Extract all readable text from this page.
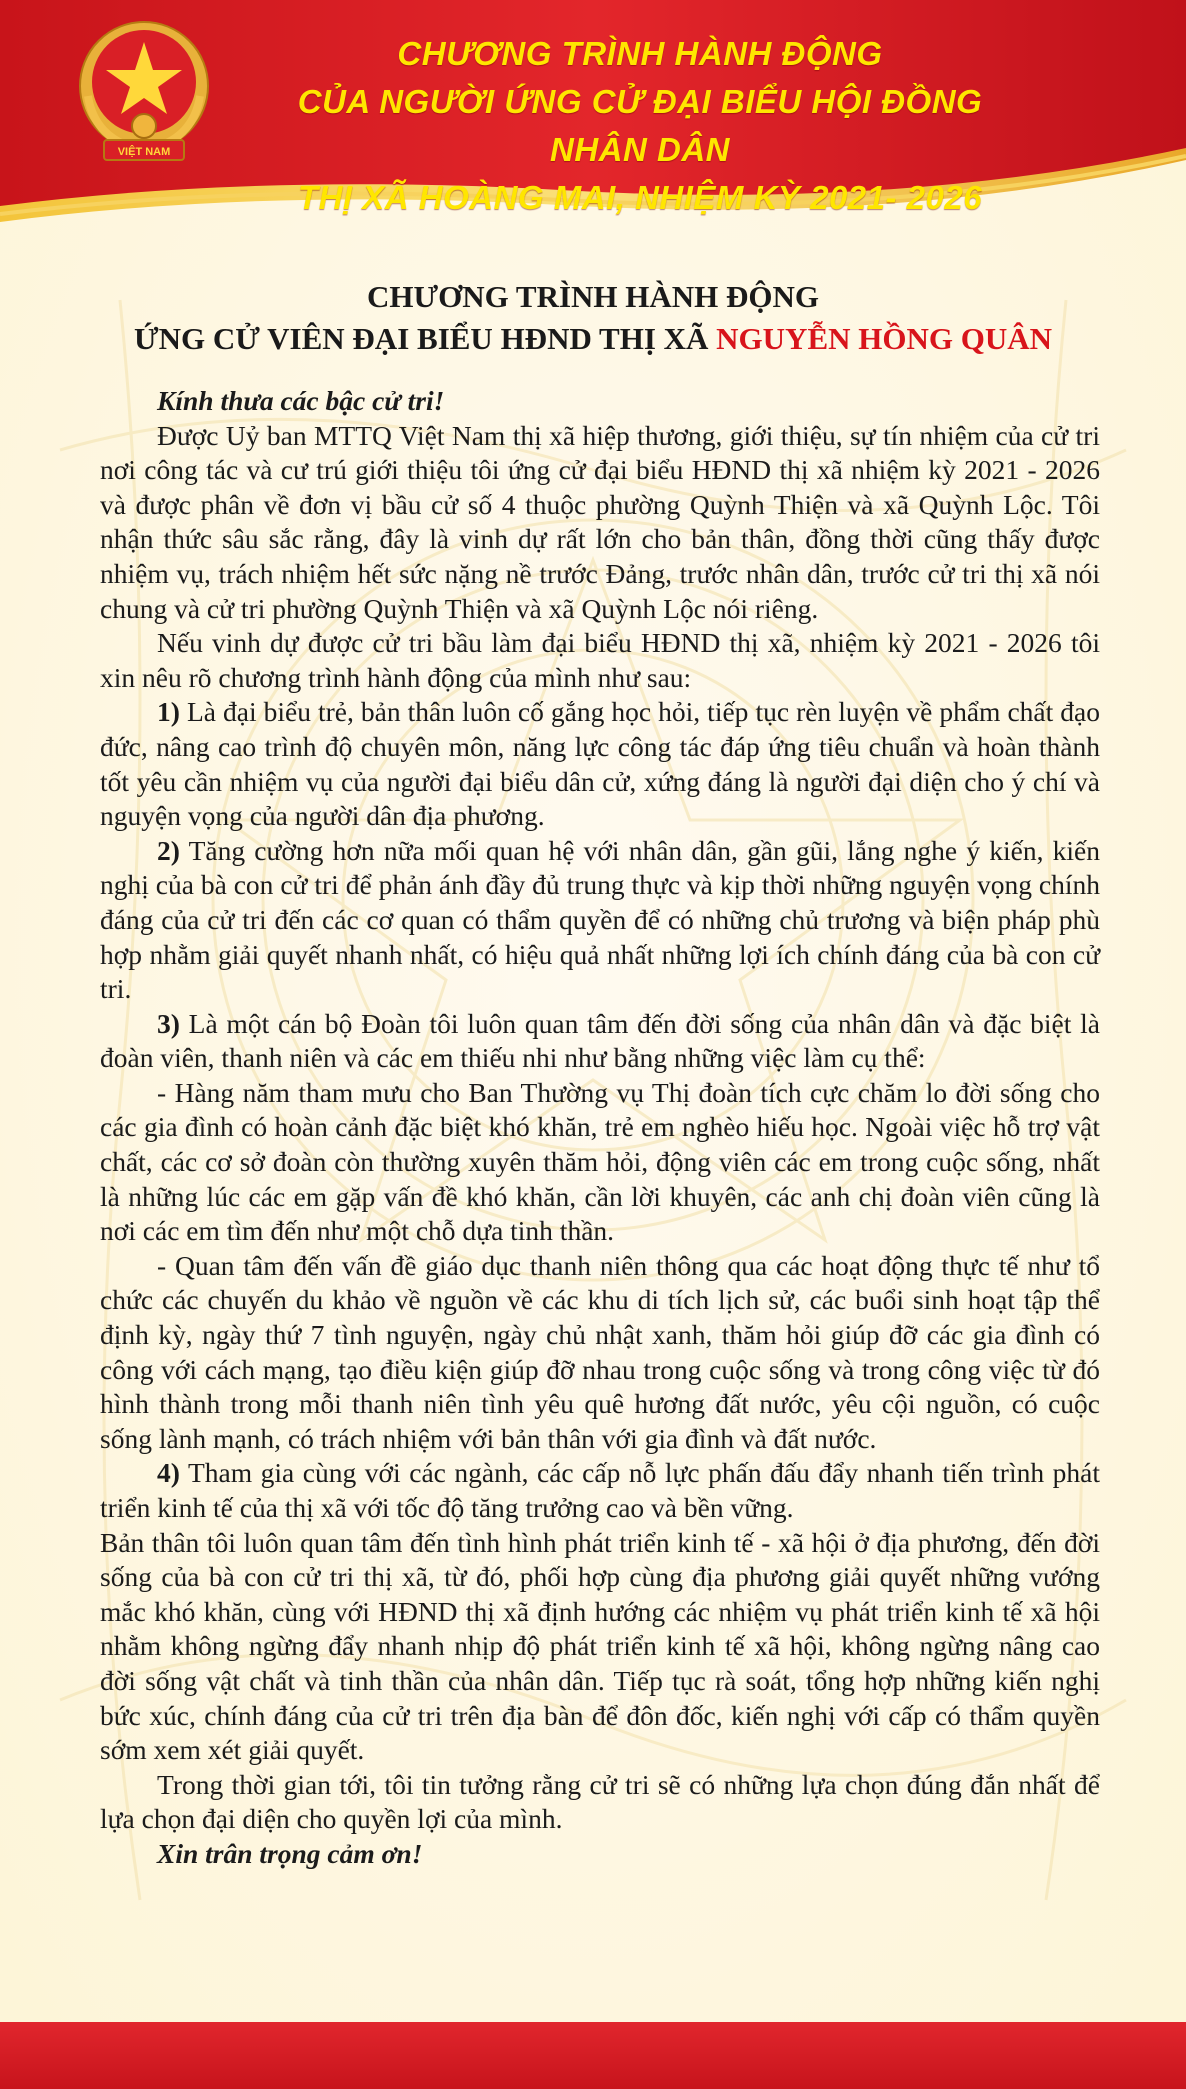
VIỆT NAM
CHƯƠNG TRÌNH HÀNH ĐỘNG
CỦA NGƯỜI ỨNG CỬ ĐẠI BIỂU HỘI ĐỒNG NHÂN DÂN
THỊ XÃ HOÀNG MAI, NHIỆM KỲ 2021- 2026
CHƯƠNG TRÌNH HÀNH ĐỘNG
ỨNG CỬ VIÊN ĐẠI BIỂU HĐND THỊ XÃ NGUYỄN HỒNG QUÂN

Kính thưa các bậc cử tri!

Được Uỷ ban MTTQ Việt Nam thị xã hiệp thương, giới thiệu, sự tín nhiệm của cử tri nơi công tác và cư trú giới thiệu tôi ứng cử đại biểu HĐND thị xã nhiệm kỳ 2021 - 2026 và được phân về đơn vị bầu cử số 4 thuộc phường Quỳnh Thiện và xã Quỳnh Lộc. Tôi nhận thức sâu sắc rằng, đây là vinh dự rất lớn cho bản thân, đồng thời cũng thấy được nhiệm vụ, trách nhiệm hết sức nặng nề trước Đảng, trước nhân dân, trước cử tri thị xã nói chung và cử tri phường Quỳnh Thiện và xã Quỳnh Lộc nói riêng.

Nếu vinh dự được cử tri bầu làm đại biểu HĐND thị xã, nhiệm kỳ 2021 - 2026 tôi xin nêu rõ chương trình hành động của mình như sau:

1) Là đại biểu trẻ, bản thân luôn cố gắng học hỏi, tiếp tục rèn luyện về phẩm chất đạo đức, nâng cao trình độ chuyên môn, năng lực công tác đáp ứng tiêu chuẩn và hoàn thành tốt yêu cần nhiệm vụ của người đại biểu dân cử, xứng đáng là người đại diện cho ý chí và nguyện vọng của người dân địa phương.

2) Tăng cường hơn nữa mối quan hệ với nhân dân, gần gũi, lắng nghe ý kiến, kiến nghị của bà con cử tri để phản ánh đầy đủ trung thực và kịp thời những nguyện vọng chính đáng của cử tri đến các cơ quan có thẩm quyền để có những chủ trương và biện pháp phù hợp nhằm giải quyết nhanh nhất, có hiệu quả nhất những lợi ích chính đáng của bà con cử tri.

3) Là một cán bộ Đoàn tôi luôn quan tâm đến đời sống của nhân dân và đặc biệt là đoàn viên, thanh niên và các em thiếu nhi như bằng những việc làm cụ thể:

- Hàng năm tham mưu cho Ban Thường vụ Thị đoàn tích cực chăm lo đời sống cho các gia đình có hoàn cảnh đặc biệt khó khăn, trẻ em nghèo hiếu học. Ngoài việc hỗ trợ vật chất, các cơ sở đoàn còn thường xuyên thăm hỏi, động viên các em trong cuộc sống, nhất là những lúc các em gặp vấn đề khó khăn, cần lời khuyên, các anh chị đoàn viên cũng là nơi các em tìm đến như một chỗ dựa tinh thần.

- Quan tâm đến vấn đề giáo dục thanh niên thông qua các hoạt động thực tế như tổ chức các chuyến du khảo về nguồn về các khu di tích lịch sử, các buổi sinh hoạt tập thể định kỳ, ngày thứ 7 tình nguyện, ngày chủ nhật xanh, thăm hỏi giúp đỡ các gia đình có công với cách mạng, tạo điều kiện giúp đỡ nhau trong cuộc sống và trong công việc từ đó hình thành trong mỗi thanh niên tình yêu quê hương đất nước, yêu cội nguồn, có cuộc sống lành mạnh, có trách nhiệm với bản thân với gia đình và đất nước.

4) Tham gia cùng với các ngành, các cấp nỗ lực phấn đấu đẩy nhanh tiến trình phát triển kinh tế của thị xã với tốc độ tăng trưởng cao và bền vững.

Bản thân tôi luôn quan tâm đến tình hình phát triển kinh tế - xã hội ở địa phương, đến đời sống của bà con cử tri thị xã, từ đó, phối hợp cùng địa phương giải quyết những vướng mắc khó khăn, cùng với HĐND thị xã định hướng các nhiệm vụ phát triển kinh tế xã hội nhằm không ngừng đẩy nhanh nhịp độ phát triển kinh tế xã hội, không ngừng nâng cao đời sống vật chất và tinh thần của nhân dân. Tiếp tục rà soát, tổng hợp những kiến nghị bức xúc, chính đáng của cử tri trên địa bàn để đôn đốc, kiến nghị với cấp có thẩm quyền sớm xem xét giải quyết.

Trong thời gian tới, tôi tin tưởng rằng cử tri sẽ có những lựa chọn đúng đắn nhất để lựa chọn đại diện cho quyền lợi của mình.

Xin trân trọng cảm ơn!
